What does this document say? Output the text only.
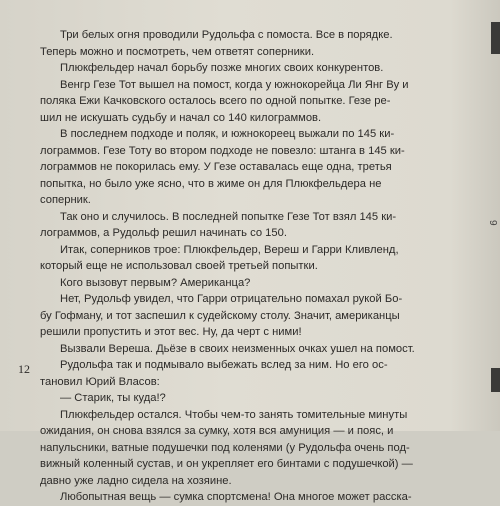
Три белых огня проводили Рудольфа с помоста. Все в порядке.
Теперь можно и посмотреть, чем ответят соперники.

Плюкфельдер начал борьбу позже многих своих конкурентов.

Венгр Гезе Тот вышел на помост, когда у южнокорейца Ли Янг Ву и
поляка Ежи Качковского осталось всего по одной попытке. Гезе ре-
шил не искушать судьбу и начал со 140 килограммов.

В последнем подходе и поляк, и южнокореец выжали по 145 ки-
лограммов. Гезе Тоту во втором подходе не повезло: штанга в 145 ки-
лограммов не покорилась ему. У Гезе оставалась еще одна, третья
попытка, но было уже ясно, что в жиме он для Плюкфельдера не
соперник.

Так оно и случилось. В последней попытке Гезе Тот взял 145 ки-
лограммов, а Рудольф решил начинать со 150.

Итак, соперников трое: Плюкфельдер, Вереш и Гарри Кливленд,
который еще не использовал своей третьей попытки.

Кого вызовут первым? Американца?

Нет, Рудольф увидел, что Гарри отрицательно помахал рукой Бо-
бу Гофману, и тот заспешил к судейскому столу. Значит, американцы
решили пропустить и этот вес. Ну, да черт с ними!

Вызвали Вереша. Дьёзе в своих неизменных очках ушел на помост.

Рудольфа так и подмывало выбежать вслед за ним. Но его ос-
тановил Юрий Власов:

— Старик, ты куда!?

Плюкфельдер остался. Чтобы чем-то занять томительные минуты
ожидания, он снова взялся за сумку, хотя вся амуниция — и пояс, и
напульсники, ватные подушечки под коленями (у Рудольфа очень под-
вижный коленный сустав, и он укрепляет его бинтами с подушечкой) —
давно уже ладно сидела на хозяине.

Любопытная вещь — сумка спортсмена! Она многое может расска-

12
9
